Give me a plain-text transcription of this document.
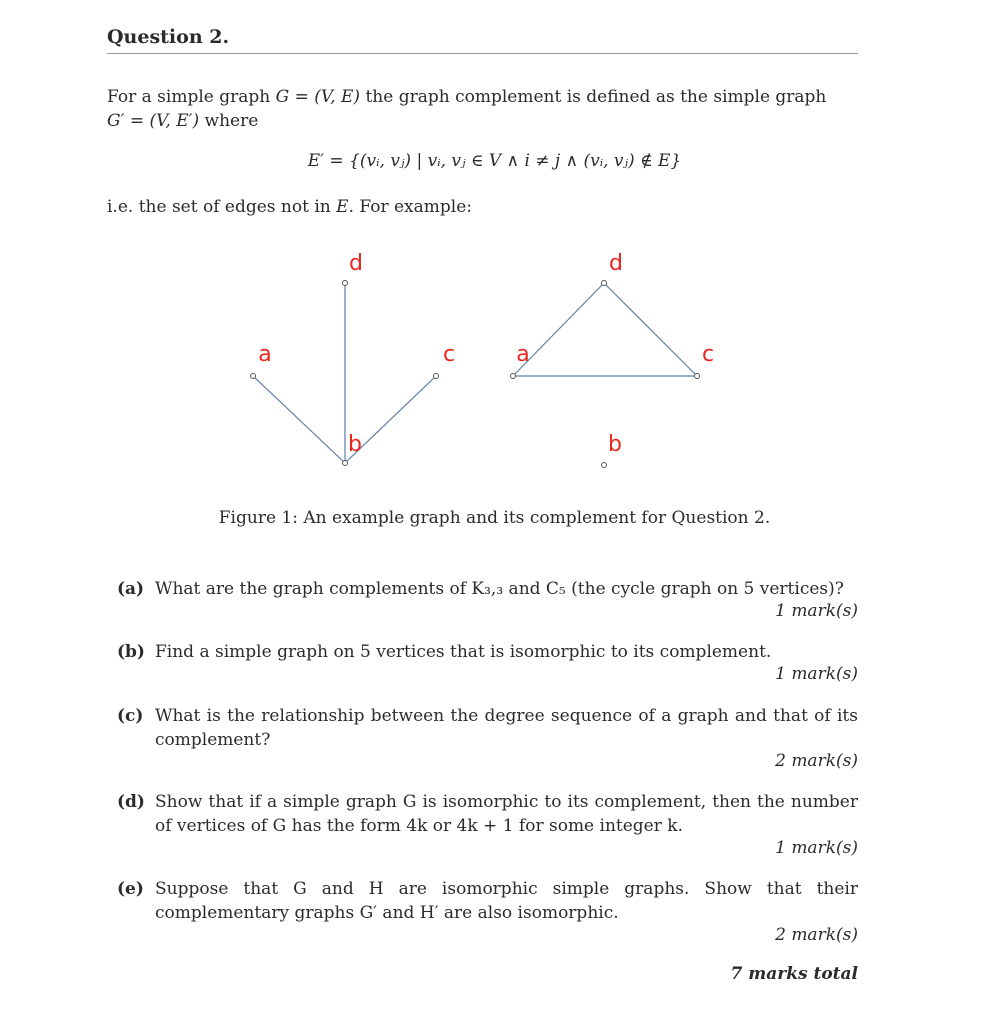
Question 2.
For a simple graph G = (V, E) the graph complement is defined as the simple graph
G′ = (V, E′) where
E′ = {(vᵢ, vⱼ) | vᵢ, vⱼ ∈ V ∧ i ≠ j ∧ (vᵢ, vⱼ) ∉ E}
i.e. the set of edges not in E. For example:
d
a	c
b
d
a	c
b
Figure 1: An example graph and its complement for Question 2.
(a) What are the graph complements of K₃,₃ and C₅ (the cycle graph on 5 vertices)?
1 mark(s)
(b) Find a simple graph on 5 vertices that is isomorphic to its complement.
1 mark(s)
(c) What is the relationship between the degree sequence of a graph and that of its complement?
2 mark(s)
(d) Show that if a simple graph G is isomorphic to its complement, then the number of vertices of G has the form 4k or 4k + 1 for some integer k.
1 mark(s)
(e) Suppose that G and H are isomorphic simple graphs. Show that their complementary graphs G′ and H′ are also isomorphic.
2 mark(s)
7 marks total
